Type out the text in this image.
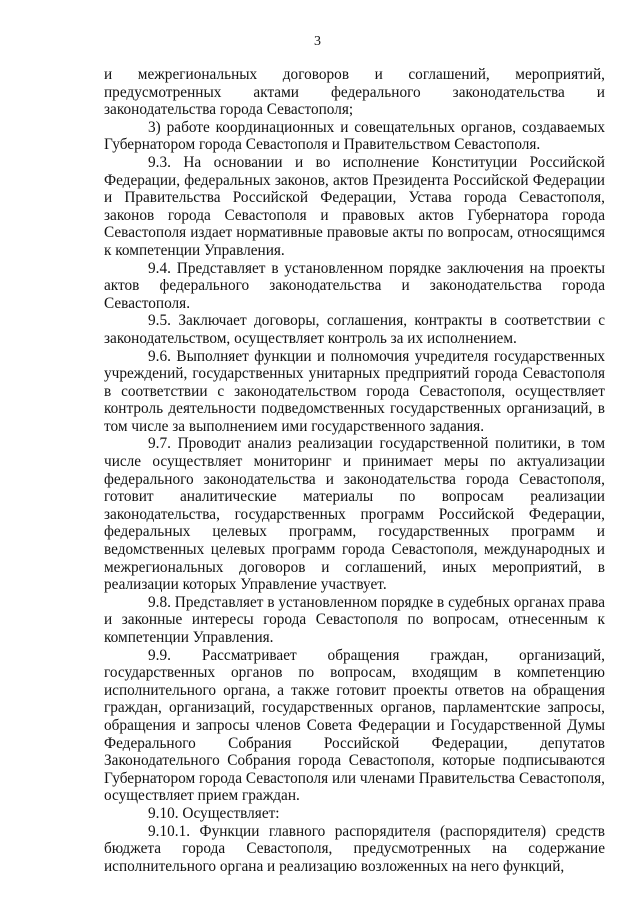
3

и межрегиональных договоров и соглашений, мероприятий, предусмотренных актами федерального законодательства и законодательства города Севастополя;

3) работе координационных и совещательных органов, создаваемых Губернатором города Севастополя и Правительством Севастополя.

9.3. На основании и во исполнение Конституции Российской Федерации, федеральных законов, актов Президента Российской Федерации и Правительства Российской Федерации, Устава города Севастополя, законов города Севастополя и правовых актов Губернатора города Севастополя издает нормативные правовые акты по вопросам, относящимся к компетенции Управления.

9.4. Представляет в установленном порядке заключения на проекты актов федерального законодательства и законодательства города Севастополя.

9.5. Заключает договоры, соглашения, контракты в соответствии с законодательством, осуществляет контроль за их исполнением.

9.6. Выполняет функции и полномочия учредителя государственных учреждений, государственных унитарных предприятий города Севастополя в соответствии с законодательством города Севастополя, осуществляет контроль деятельности подведомственных государственных организаций, в том числе за выполнением ими государственного задания.

9.7. Проводит анализ реализации государственной политики, в том числе осуществляет мониторинг и принимает меры по актуализации федерального законодательства и законодательства города Севастополя, готовит аналитические материалы по вопросам реализации законодательства, государственных программ Российской Федерации, федеральных целевых программ, государственных программ и ведомственных целевых программ города Севастополя, международных и межрегиональных договоров и соглашений, иных мероприятий, в реализации которых Управление участвует.

9.8. Представляет в установленном порядке в судебных органах права и законные интересы города Севастополя по вопросам, отнесенным к компетенции Управления.

9.9. Рассматривает обращения граждан, организаций, государственных органов по вопросам, входящим в компетенцию исполнительного органа, а также готовит проекты ответов на обращения граждан, организаций, государственных органов, парламентские запросы, обращения и запросы членов Совета Федерации и Государственной Думы Федерального Собрания Российской Федерации, депутатов Законодательного Собрания города Севастополя, которые подписываются Губернатором города Севастополя или членами Правительства Севастополя, осуществляет прием граждан.

9.10. Осуществляет:

9.10.1. Функции главного распорядителя (распорядителя) средств бюджета города Севастополя, предусмотренных на содержание исполнительного органа и реализацию возложенных на него функций,
